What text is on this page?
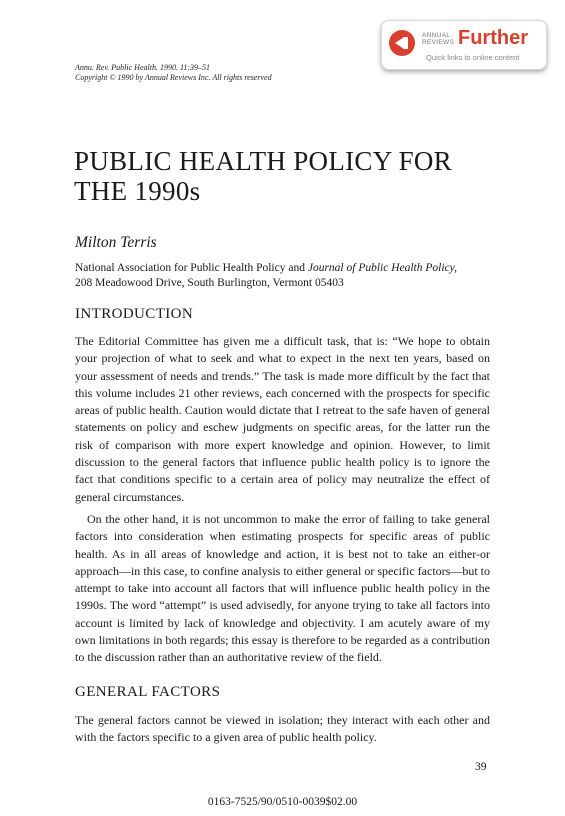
ANNUAL
REVIEWS Further
Quick links to online content
Annu. Rev. Public Health. 1990. 11:39–51
Copyright © 1990 by Annual Reviews Inc. All rights reserved
PUBLIC HEALTH POLICY FOR THE 1990s
Milton Terris
National Association for Public Health Policy and Journal of Public Health Policy,
208 Meadowood Drive, South Burlington, Vermont 05403
INTRODUCTION

The Editorial Committee has given me a difficult task, that is: “We hope to obtain your projection of what to seek and what to expect in the next ten years, based on your assessment of needs and trends.” The task is made more difficult by the fact that this volume includes 21 other reviews, each concerned with the prospects for specific areas of public health. Caution would dictate that I retreat to the safe haven of general statements on policy and eschew judgments on specific areas, for the latter run the risk of comparison with more expert knowledge and opinion. However, to limit discussion to the general factors that influence public health policy is to ignore the fact that conditions specific to a certain area of policy may neutralize the effect of general circumstances.

On the other hand, it is not uncommon to make the error of failing to take general factors into consideration when estimating prospects for specific areas of public health. As in all areas of knowledge and action, it is best not to take an either-or approach—in this case, to confine analysis to either general or specific factors—but to attempt to take into account all factors that will influence public health policy in the 1990s. The word “attempt” is used advisedly, for anyone trying to take all factors into account is limited by lack of knowledge and objectivity. I am acutely aware of my own limitations in both regards; this essay is therefore to be regarded as a contribution to the discussion rather than an authoritative review of the field.

GENERAL FACTORS

The general factors cannot be viewed in isolation; they interact with each other and with the factors specific to a given area of public health policy.

39
0163-7525/90/0510-0039$02.00
